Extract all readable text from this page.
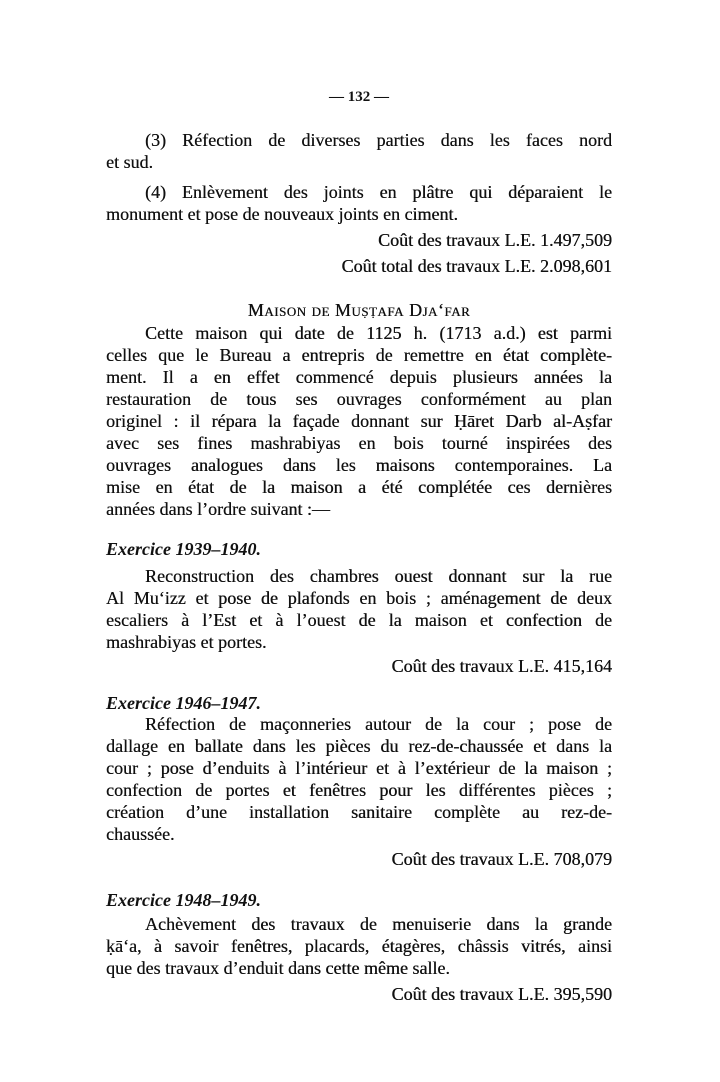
— 132 —
(3) Réfection de diverses parties dans les faces nord
et sud.
(4) Enlèvement des joints en plâtre qui déparaient le
monument et pose de nouveaux joints en ciment.
Coût des travaux L.E. 1.497,509
Coût total des travaux L.E. 2.098,601
Maison de Muṣṭafa Dja‘far
Cette maison qui date de 1125 h. (1713 a.d.) est parmi
celles que le Bureau a entrepris de remettre en état complète-
ment. Il a en effet commencé depuis plusieurs années la
restauration de tous ses ouvrages conformément au plan
originel : il répara la façade donnant sur Ḥāret Darb al-Aṣfar
avec ses fines mashrabiyas en bois tourné inspirées des
ouvrages analogues dans les maisons contemporaines. La
mise en état de la maison a été complétée ces dernières
années dans l’ordre suivant :—
Exercice 1939–1940.
Reconstruction des chambres ouest donnant sur la rue
Al Mu‘izz et pose de plafonds en bois ; aménagement de deux
escaliers à l’Est et à l’ouest de la maison et confection de
mashrabiyas et portes.
Coût des travaux L.E. 415,164
Exercice 1946–1947.
Réfection de maçonneries autour de la cour ; pose de
dallage en ballate dans les pièces du rez-de-chaussée et dans la
cour ; pose d’enduits à l’intérieur et à l’extérieur de la maison ;
confection de portes et fenêtres pour les différentes pièces ;
création d’une installation sanitaire complète au rez-de-
chaussée.
Coût des travaux L.E. 708,079
Exercice 1948–1949.
Achèvement des travaux de menuiserie dans la grande
ḳā‘a, à savoir fenêtres, placards, étagères, châssis vitrés, ainsi
que des travaux d’enduit dans cette même salle.
Coût des travaux L.E. 395,590
